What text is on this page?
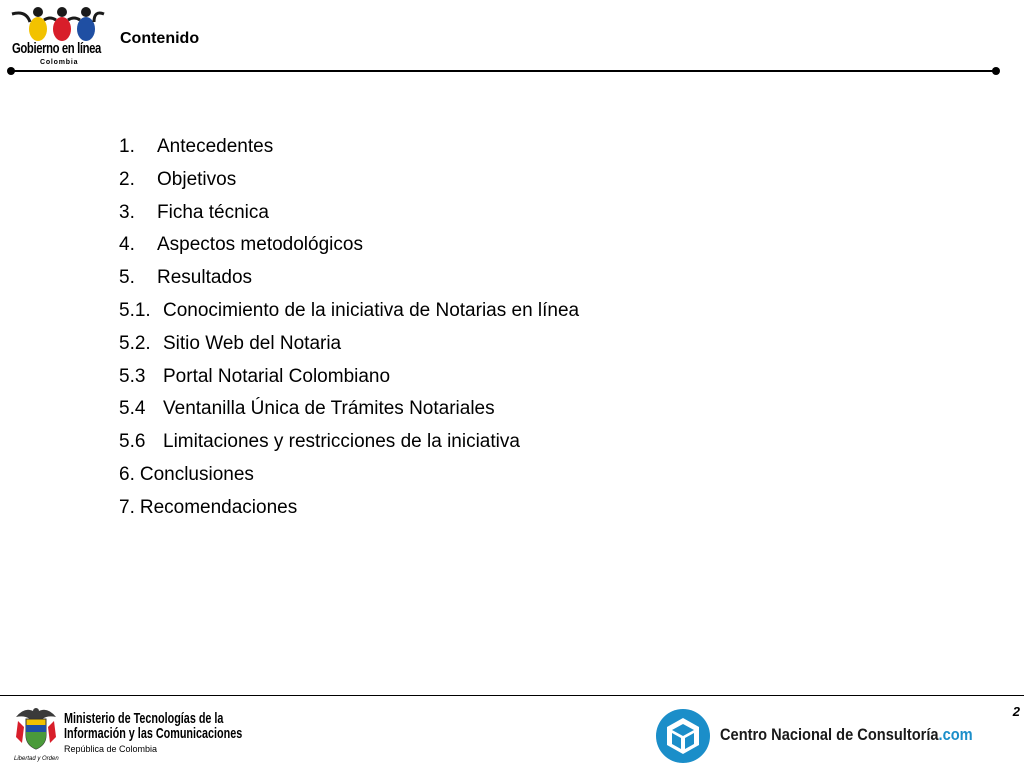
Gobierno en línea
Colombia
Contenido
1.	Antecedentes
2.	Objetivos
3.	Ficha técnica
4.	Aspectos metodológicos
5.	Resultados
5.1. Conocimiento de la iniciativa de Notarias en línea
5.2. Sitio Web del Notaria
5.3 Portal Notarial Colombiano
5.4 Ventanilla Única de Trámites Notariales
5.6 Limitaciones y restricciones de la iniciativa
6. Conclusiones
7. Recomendaciones
2
Libertad y Orden
Ministerio de Tecnologías de la
Información y las Comunicaciones
República de Colombia
Centro Nacional de Consultoría.com
